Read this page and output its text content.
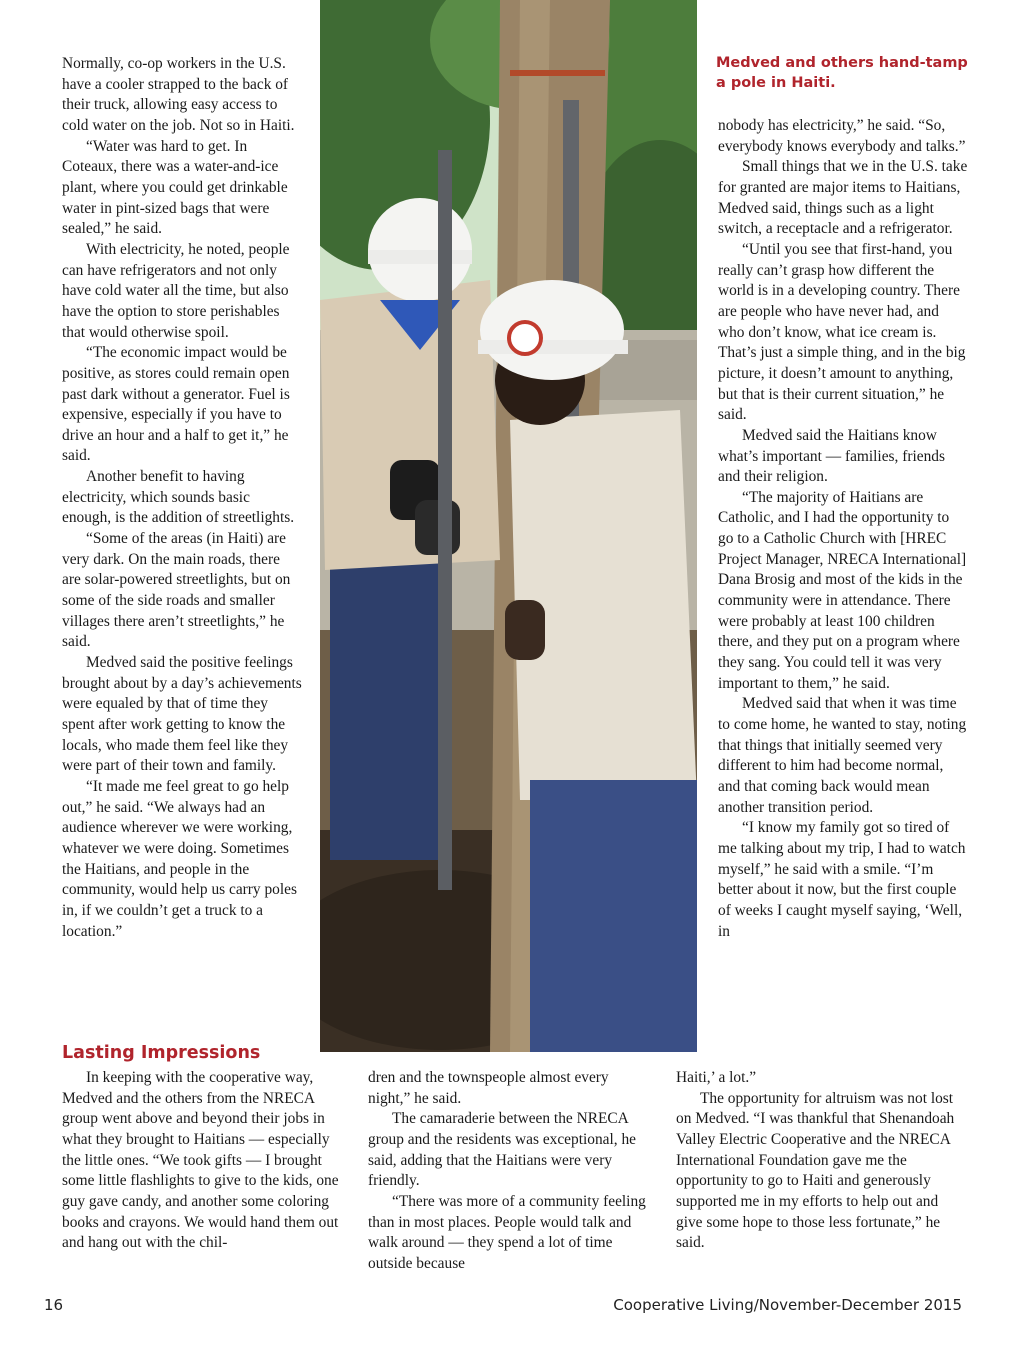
Medved and others hand-tamp a pole in Haiti.

Normally, co-op workers in the U.S. have a cooler strapped to the back of their truck, allowing easy access to cold water on the job. Not so in Haiti.

“Water was hard to get. In Coteaux, there was a water-and-ice plant, where you could get drinkable water in pint-sized bags that were sealed,” he said.

With electricity, he noted, people can have refrigerators and not only have cold water all the time, but also have the option to store perishables that would otherwise spoil.

“The economic impact would be positive, as stores could remain open past dark without a generator. Fuel is expensive, especially if you have to drive an hour and a half to get it,” he said.

Another benefit to having electricity, which sounds basic enough, is the addition of streetlights.

“Some of the areas (in Haiti) are very dark. On the main roads, there are solar-powered streetlights, but on some of the side roads and smaller villages there aren’t streetlights,” he said.

Medved said the positive feelings brought about by a day’s achievements were equaled by that of time they spent after work getting to know the locals, who made them feel like they were part of their town and family.

“It made me feel great to go help out,” he said. “We always had an audience wherever we were working, whatever we were doing. Sometimes the Haitians, and people in the community, would help us carry poles in, if we couldn’t get a truck to a location.”

Lasting Impressions

In keeping with the cooperative way, Medved and the others from the NRECA group went above and beyond their jobs in what they brought to Haitians — especially the little ones. “We took gifts — I brought some little flashlights to give to the kids, one guy gave candy, and another some coloring books and crayons. We would hand them out and hang out with the chil-

dren and the townspeople almost every night,” he said.

The camaraderie between the NRECA group and the residents was exceptional, he said, adding that the Haitians were very friendly.

“There was more of a community feeling than in most places. People would talk and walk around — they spend a lot of time outside because

nobody has electricity,” he said. “So, everybody knows everybody and talks.”

Small things that we in the U.S. take for granted are major items to Haitians, Medved said, things such as a light switch, a receptacle and a refrigerator.

“Until you see that first-hand, you really can’t grasp how different the world is in a developing country. There are people who have never had, and who don’t know, what ice cream is. That’s just a simple thing, and in the big picture, it doesn’t amount to anything, but that is their current situation,” he said.

Medved said the Haitians know what’s important — families, friends and their religion.

“The majority of Haitians are Catholic, and I had the opportunity to go to a Catholic Church with [HREC Project Manager, NRECA International] Dana Brosig and most of the kids in the community were in attendance. There were probably at least 100 children there, and they put on a program where they sang. You could tell it was very important to them,” he said.

Medved said that when it was time to come home, he wanted to stay, noting that things that initially seemed very different to him had become normal, and that coming back would mean another transition period.

“I know my family got so tired of me talking about my trip, I had to watch myself,” he said with a smile. “I’m better about it now, but the first couple of weeks I caught myself saying, ‘Well, in

Haiti,’ a lot.”

The opportunity for altruism was not lost on Medved. “I was thankful that Shenandoah Valley Electric Cooperative and the NRECA International Foundation gave me the opportunity to go to Haiti and generously supported me in my efforts to help out and give some hope to those less fortunate,” he said.

16	Cooperative Living/November-December 2015
